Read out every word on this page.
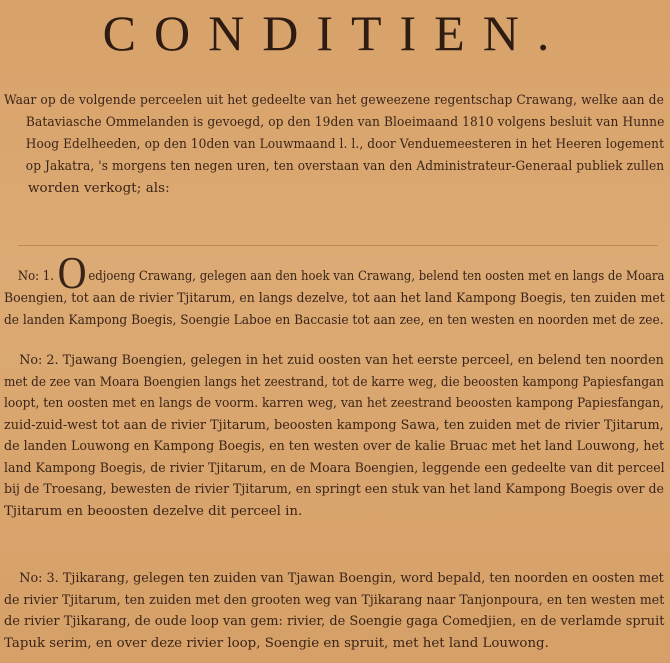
CONDITIEN.
Waar op de volgende perceelen uit het gedeelte van het geweezene regentschap Crawang, welke aan de
Bataviasche Ommelanden is gevoegd, op den 19den van Bloeimaand 1810 volgens besluit van Hunne
Hoog Edelheeden, op den 10den van Louwmaand l. l., door Venduemeesteren in het Heeren logement
op Jakatra, 's morgens ten negen uren, ten overstaan van den Administrateur-Generaal publiek zullen
worden verkogt; als:
No: 1. O edjoeng Crawang, gelegen aan den hoek van Crawang, belend ten oosten met en langs de Moara
Boengien, tot aan de rivier Tjitarum, en langs dezelve, tot aan het land Kampong Boegis, ten zuiden met
de landen Kampong Boegis, Soengie Laboe en Baccasie tot aan zee, en ten westen en noorden met de zee.
No: 2. Tjawang Boengien, gelegen in het zuid oosten van het eerste perceel, en belend ten noorden
met de zee van Moara Boengien langs het zeestrand, tot de karre weg, die beoosten kampong Papiesfangan
loopt, ten oosten met en langs de voorm. karren weg, van het zeestrand beoosten kampong Papiesfangan,
zuid-zuid-west tot aan de rivier Tjitarum, beoosten kampong Sawa, ten zuiden met de rivier Tjitarum,
de landen Louwong en Kampong Boegis, en ten westen over de kalie Bruac met het land Louwong, het
land Kampong Boegis, de rivier Tjitarum, en de Moara Boengien, leggende een gedeelte van dit perceel
bij de Troesang, bewesten de rivier Tjitarum, en springt een stuk van het land Kampong Boegis over de
Tjitarum en beoosten dezelve dit perceel in.
No: 3. Tjikarang, gelegen ten zuiden van Tjawan Boengin, word bepald, ten noorden en oosten met
de rivier Tjitarum, ten zuiden met den grooten weg van Tjikarang naar Tanjonpoura, en ten westen met
de rivier Tjikarang, de oude loop van gem: rivier, de Soengie gaga Comedjien, en de verlamde spruit
Tapuk serim, en over deze rivier loop, Soengie en spruit, met het land Louwong.
